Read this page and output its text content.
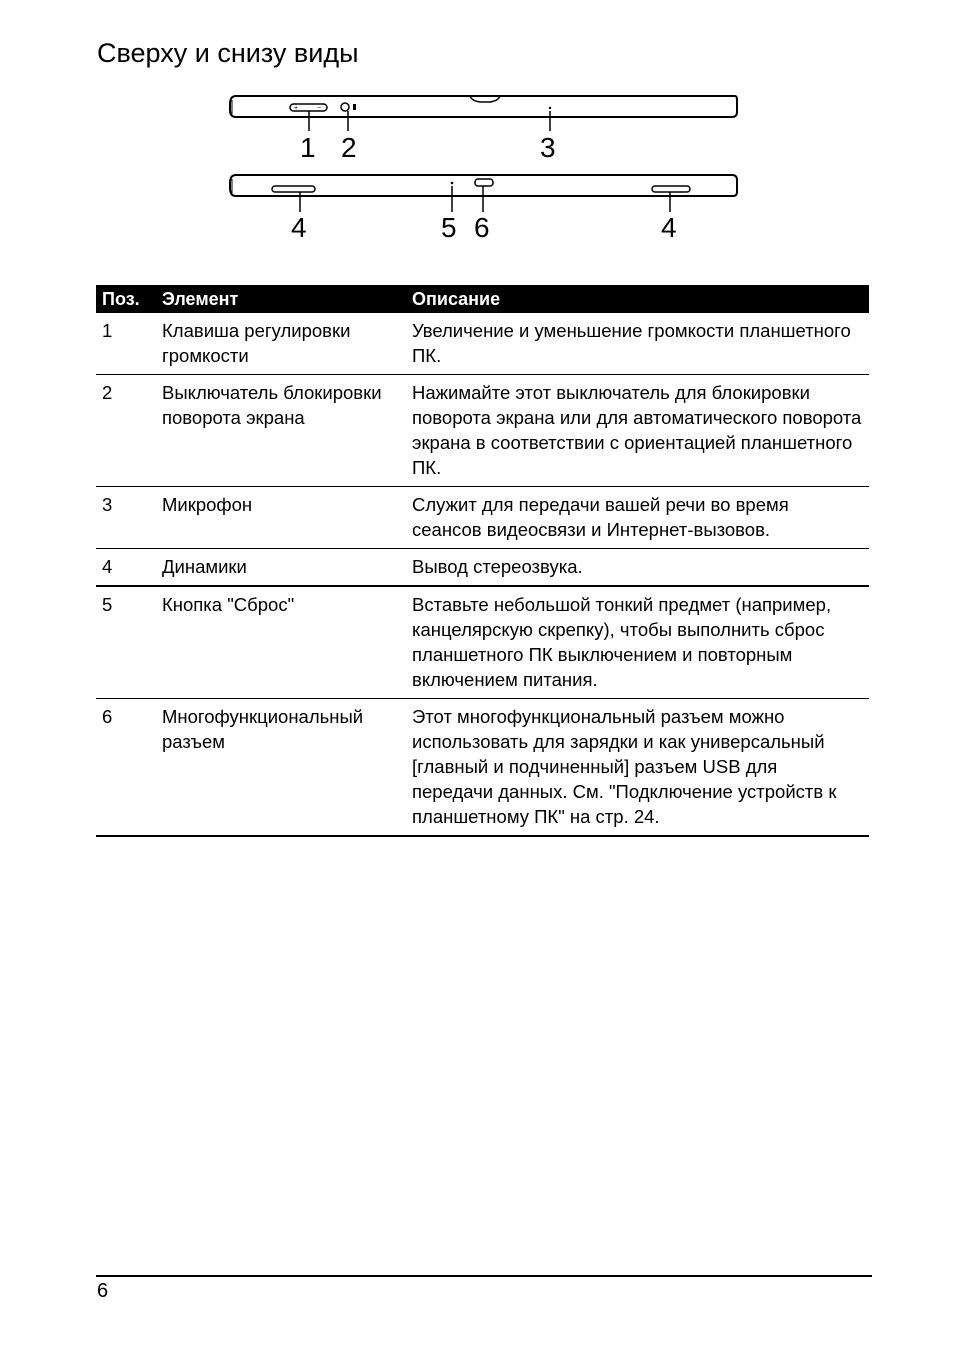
Сверху и снизу виды
+	−
1 2	3
4	5 6	4
Поз.	Элемент	Описание
1	Клавиша регулировки громкости	Увеличение и уменьшение громкости планшетного ПК.
2	Выключатель блокировки поворота экрана	Нажимайте этот выключатель для блокировки поворота экрана или для автоматического поворота экрана в соответствии с ориентацией планшетного ПК.
3	Микрофон	Служит для передачи вашей речи во время сеансов видеосвязи и Интернет-вызовов.
4	Динамики	Вывод стереозвука.
5	Кнопка "Сброс"	Вставьте небольшой тонкий предмет (например, канцелярскую скрепку), чтобы выполнить сброс планшетного ПК выключением и повторным включением питания.
6	Многофункциональный разъем	Этот многофункциональный разъем можно использовать для зарядки и как универсальный [главный и подчиненный] разъем USB для передачи данных. См. "Подключение устройств к планшетному ПК" на стр. 24.
6
